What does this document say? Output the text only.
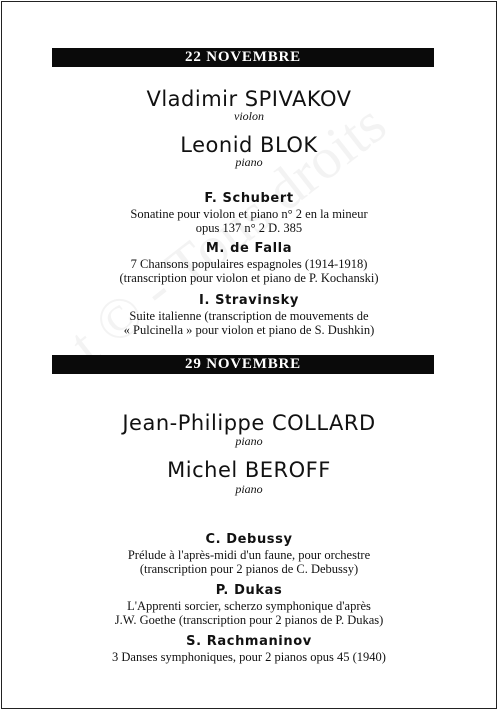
22 NOVEMBRE
Vladimir SPIVAKOV
violon
Leonid BLOK
piano
F. Schubert
Sonatine pour violon et piano n° 2 en la mineur
opus 137 n° 2 D. 385
M. de Falla
7 Chansons populaires espagnoles (1914-1918)
(transcription pour violon et piano de P. Kochanski)
I. Stravinsky
Suite italienne (transcription de mouvements de
« Pulcinella » pour violon et piano de S. Dushkin)
29 NOVEMBRE
Jean-Philippe COLLARD
piano
Michel BEROFF
piano
C. Debussy
Prélude à l'après-midi d'un faune, pour orchestre
(transcription pour 2 pianos de C. Debussy)
P. Dukas
L'Apprenti sorcier, scherzo symphonique d'après
J.W. Goethe (transcription pour 2 pianos de P. Dukas)
S. Rachmaninov
3 Danses symphoniques, pour 2 pianos opus 45 (1940)
